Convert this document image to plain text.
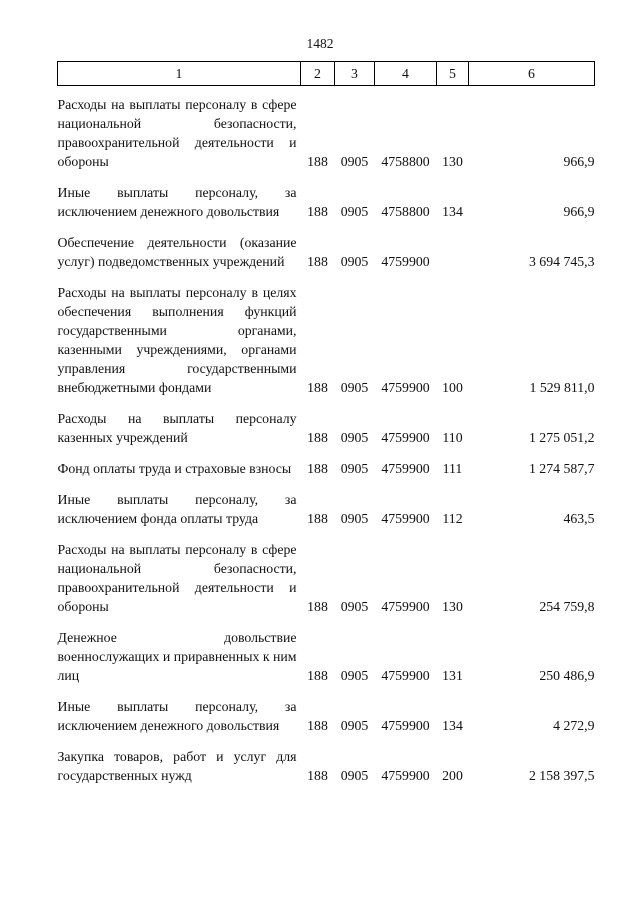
1482
1	2	3	4	5	6
Расходы на выплаты персоналу в сфере национальной безопасности, правоохранительной деятельности и обороны	188	0905	4758800	130	966,9
Иные выплаты персоналу, за исключением денежного довольствия	188	0905	4758800	134	966,9
Обеспечение деятельности (оказание услуг) подведомственных учреждений	188	0905	4759900		3 694 745,3
Расходы на выплаты персоналу в целях обеспечения выполнения функций государственными органами, казенными учреждениями, органами управления государственными внебюджетными фондами	188	0905	4759900	100	1 529 811,0
Расходы на выплаты персоналу казенных учреждений	188	0905	4759900	110	1 275 051,2
Фонд оплаты труда и страховые взносы	188	0905	4759900	111	1 274 587,7
Иные выплаты персоналу, за исключением фонда оплаты труда	188	0905	4759900	112	463,5
Расходы на выплаты персоналу в сфере национальной безопасности, правоохранительной деятельности и обороны	188	0905	4759900	130	254 759,8
Денежное довольствие военнослужащих и приравненных к ним лиц	188	0905	4759900	131	250 486,9
Иные выплаты персоналу, за исключением денежного довольствия	188	0905	4759900	134	4 272,9
Закупка товаров, работ и услуг для государственных нужд	188	0905	4759900	200	2 158 397,5
